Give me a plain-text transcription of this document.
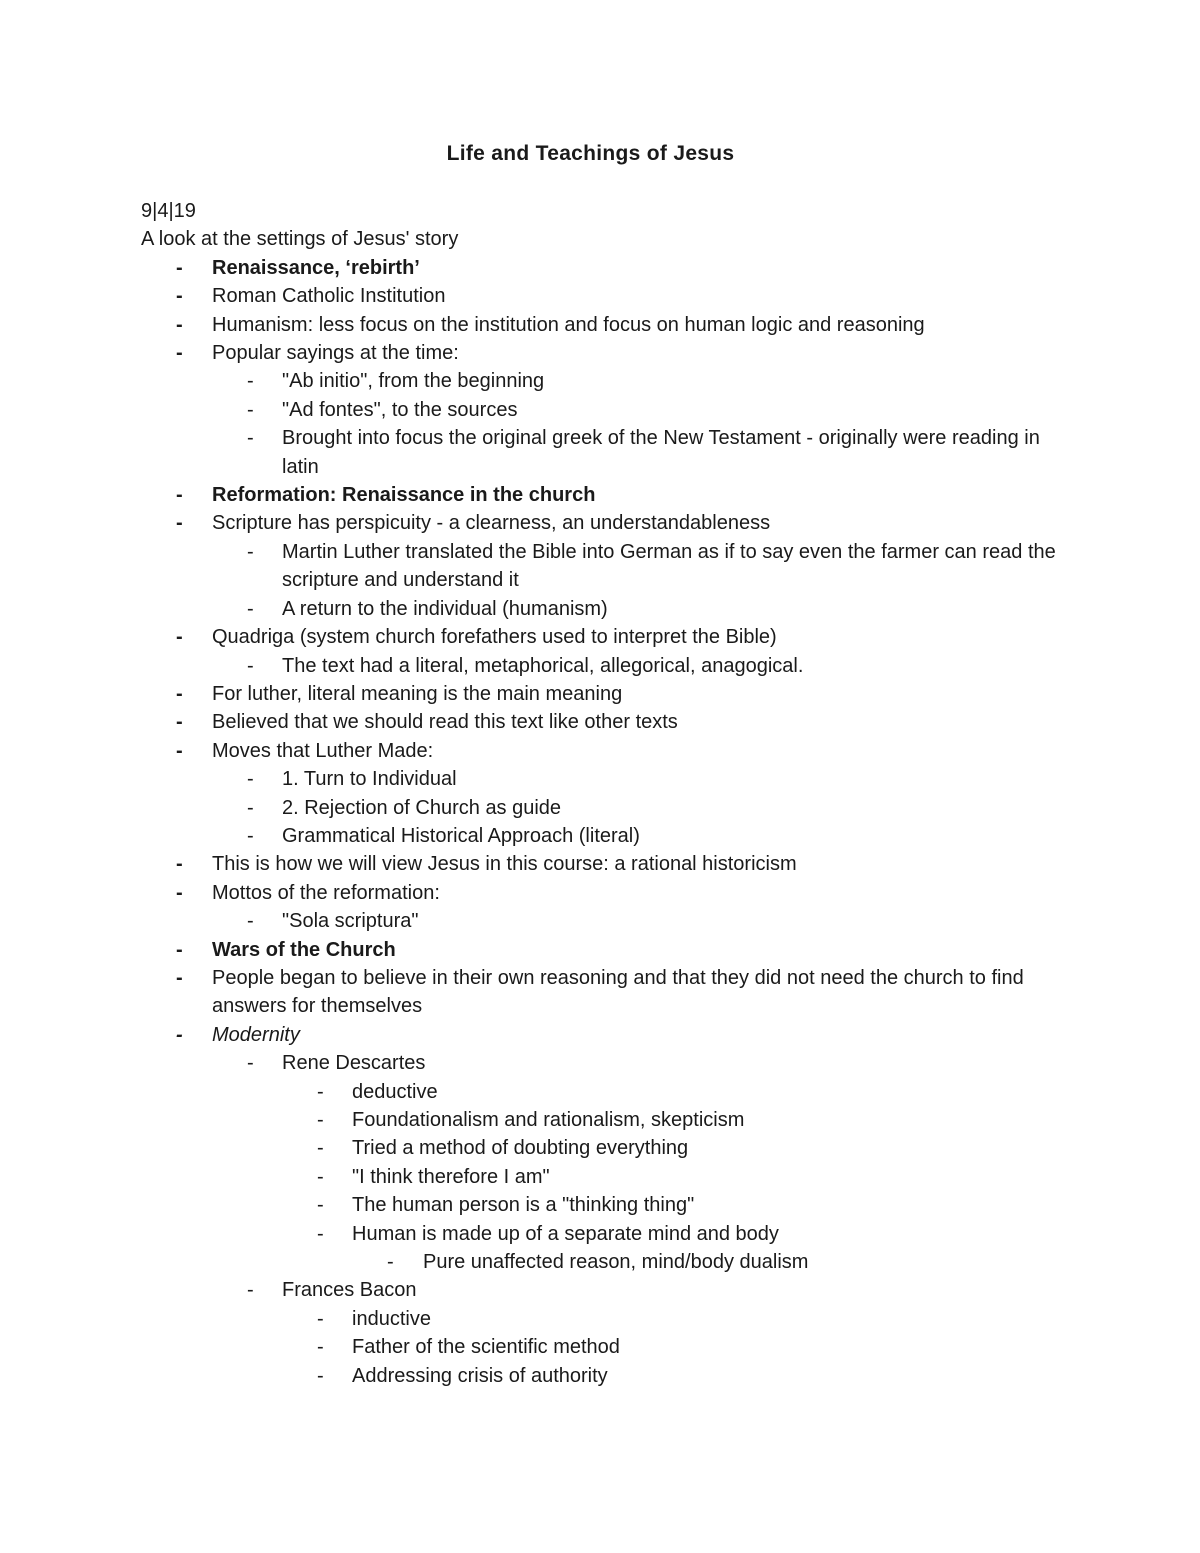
Life and Teachings of Jesus

9|4|19

A look at the settings of Jesus' story

- Renaissance, ‘rebirth’
- Roman Catholic Institution
- Humanism: less focus on the institution and focus on human logic and reasoning
- Popular sayings at the time:
- "Ab initio", from the beginning
- "Ad fontes", to the sources
- Brought into focus the original greek of the New Testament - originally were reading in latin
- Reformation: Renaissance in the church
- Scripture has perspicuity - a clearness, an understandableness
- Martin Luther translated the Bible into German as if to say even the farmer can read the scripture and understand it
- A return to the individual (humanism)
- Quadriga (system church forefathers used to interpret the Bible)
- The text had a literal, metaphorical, allegorical, anagogical.
- For luther, literal meaning is the main meaning
- Believed that we should read this text like other texts
- Moves that Luther Made:
- 1. Turn to Individual
- 2. Rejection of Church as guide
- Grammatical Historical Approach (literal)
- This is how we will view Jesus in this course: a rational historicism
- Mottos of the reformation:
- "Sola scriptura"
- Wars of the Church
- People began to believe in their own reasoning and that they did not need the church to find answers for themselves
- Modernity
- Rene Descartes
- deductive
- Foundationalism and rationalism, skepticism
- Tried a method of doubting everything
- "I think therefore I am"
- The human person is a "thinking thing"
- Human is made up of a separate mind and body
- Pure unaffected reason, mind/body dualism
- Frances Bacon
- inductive
- Father of the scientific method
- Addressing crisis of authority
